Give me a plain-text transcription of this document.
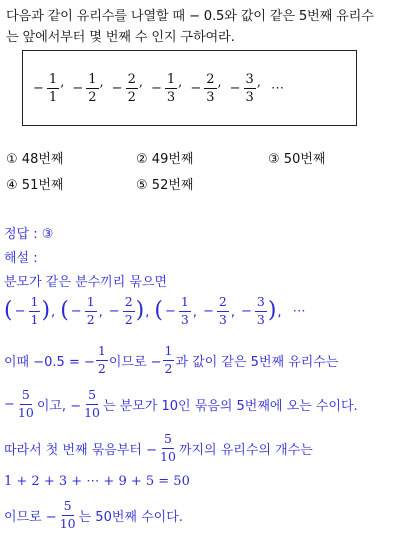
다음과 같이 유리수를 나열할 때 − 0.5와 값이 같은 5번째 유리수
는 앞에서부터 몇 번째 수 인지 구하여라.
− $\frac{1}{1}$ , − $\frac{1}{2}$ , − $\frac{2}{2}$ , − $\frac{1}{3}$ , − $\frac{2}{3}$ , − $\frac{3}{3}$ , ⋯
① 48번째	② 49번째	③ 50번째
④ 51번째	⑤ 52번째
정답 : ③
해설 :
분모가 같은 분수끼리 묶으면
( − $\frac{1}{1}$ ) , ( − $\frac{1}{2}$ , − $\frac{2}{2}$ ) , ( − $\frac{1}{3}$ , − $\frac{2}{3}$ , − $\frac{3}{3}$ ) , ⋯
이때 −0.5 = − $\frac{1}{2}$ 이므로 − $\frac{1}{2}$ 과 값이 같은 5번째 유리수는
− $\frac{5}{10}$ 이고, − $\frac{5}{10}$ 는 분모가 10인 묶음의 5번째에 오는 수이다.
따라서 첫 번째 묶음부터 − $\frac{5}{10}$ 까지의 유리수의 개수는
1 + 2 + 3 + ⋯ + 9 + 5 = 50
이므로 − $\frac{5}{10}$ 는 50번째 수이다.
